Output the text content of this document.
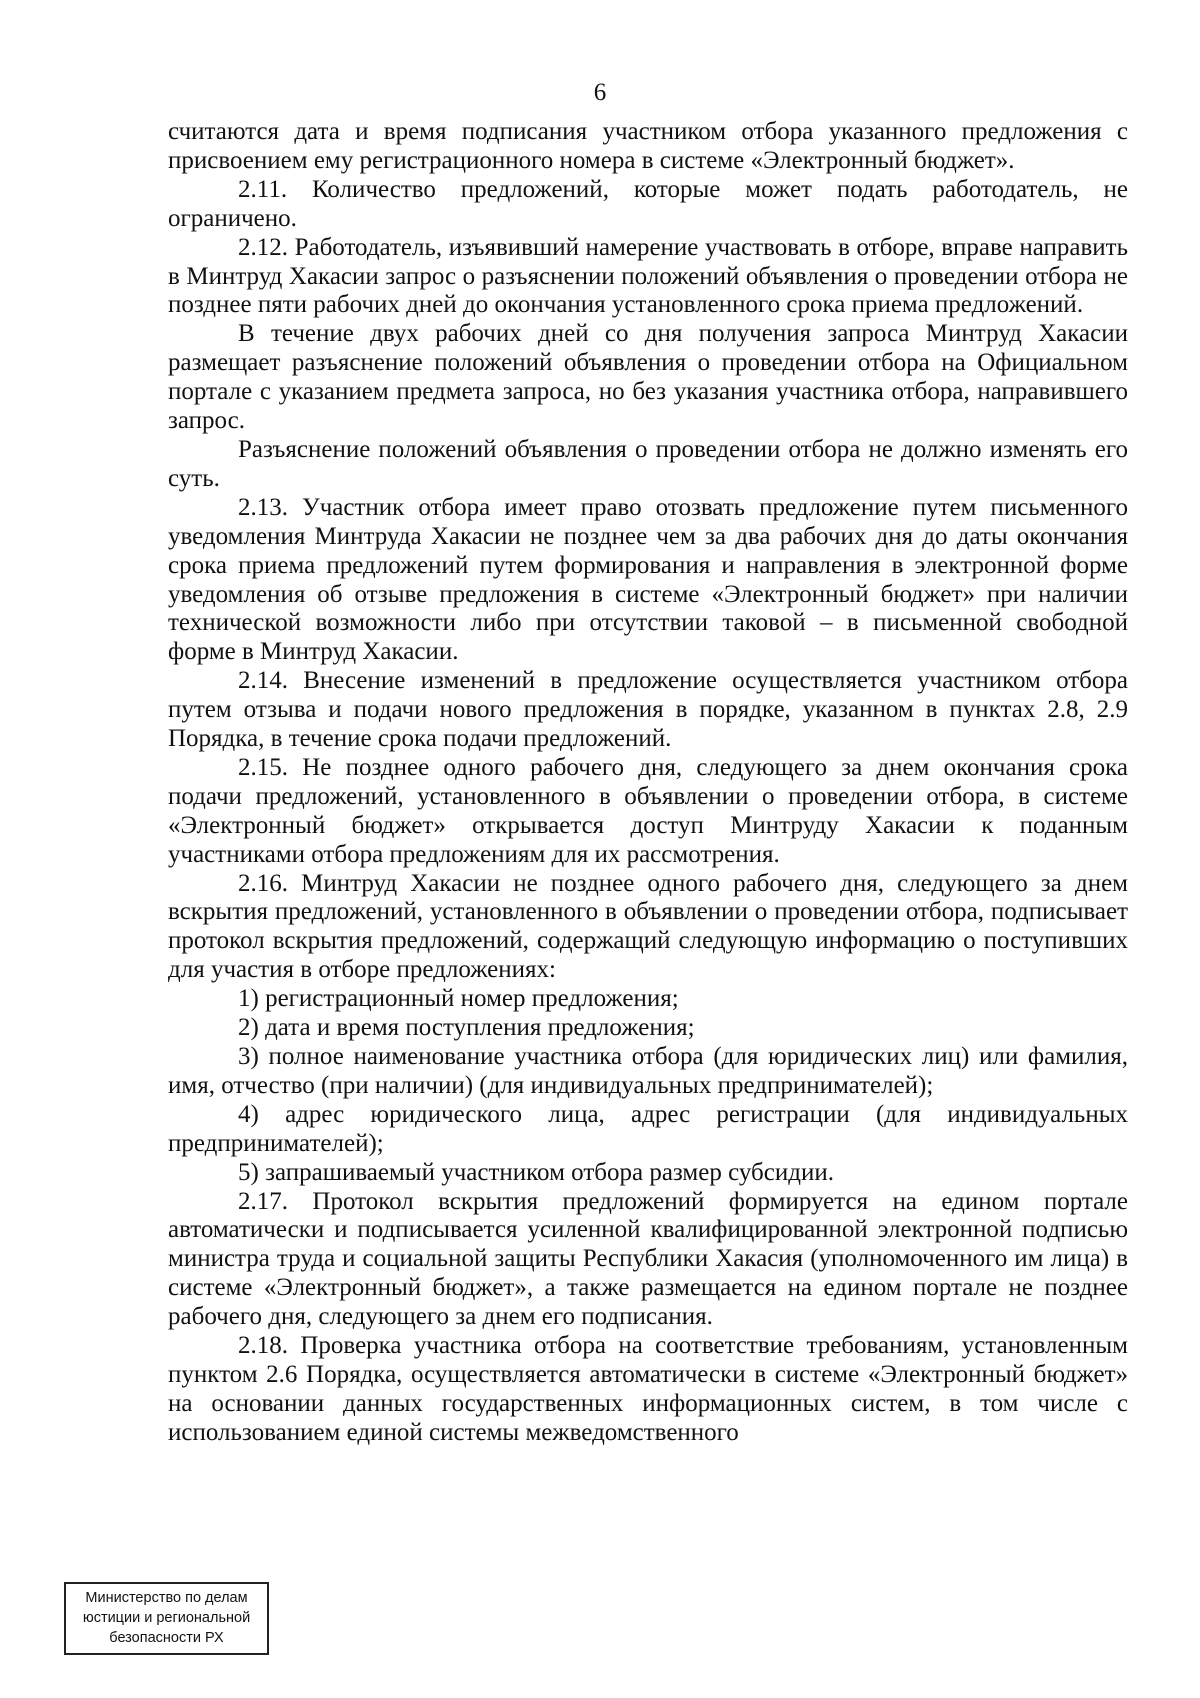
6

считаются дата и время подписания участником отбора указанного предложения с присвоением ему регистрационного номера в системе «Электронный бюджет».

2.11. Количество предложений, которые может подать работодатель, не ограничено.

2.12. Работодатель, изъявивший намерение участвовать в отборе, вправе направить в Минтруд Хакасии запрос о разъяснении положений объявления о проведении отбора не позднее пяти рабочих дней до окончания установленного срока приема предложений.

В течение двух рабочих дней со дня получения запроса Минтруд Хакасии размещает разъяснение положений объявления о проведении отбора на Официальном портале с указанием предмета запроса, но без указания участника отбора, направившего запрос.

Разъяснение положений объявления о проведении отбора не должно изменять его суть.

2.13. Участник отбора имеет право отозвать предложение путем письменного уведомления Минтруда Хакасии не позднее чем за два рабочих дня до даты окончания срока приема предложений путем формирования и направления в электронной форме уведомления об отзыве предложения в системе «Электронный бюджет» при наличии технической возможности либо при отсутствии таковой – в письменной свободной форме в Минтруд Хакасии.

2.14. Внесение изменений в предложение осуществляется участником отбора путем отзыва и подачи нового предложения в порядке, указанном в пунктах 2.8, 2.9 Порядка, в течение срока подачи предложений.

2.15. Не позднее одного рабочего дня, следующего за днем окончания срока подачи предложений, установленного в объявлении о проведении отбора, в системе «Электронный бюджет» открывается доступ Минтруду Хакасии к поданным участниками отбора предложениям для их рассмотрения.

2.16. Минтруд Хакасии не позднее одного рабочего дня, следующего за днем вскрытия предложений, установленного в объявлении о проведении отбора, подписывает протокол вскрытия предложений, содержащий следующую информацию о поступивших для участия в отборе предложениях:

1) регистрационный номер предложения;

2) дата и время поступления предложения;

3) полное наименование участника отбора (для юридических лиц) или фамилия, имя, отчество (при наличии) (для индивидуальных предпринимателей);

4) адрес юридического лица, адрес регистрации (для индивидуальных предпринимателей);

5) запрашиваемый участником отбора размер субсидии.

2.17. Протокол вскрытия предложений формируется на едином портале автоматически и подписывается усиленной квалифицированной электронной подписью министра труда и социальной защиты Республики Хакасия (уполномоченного им лица) в системе «Электронный бюджет», а также размещается на едином портале не позднее рабочего дня, следующего за днем его подписания.

2.18. Проверка участника отбора на соответствие требованиям, установленным пунктом 2.6 Порядка, осуществляется автоматически в системе «Электронный бюджет» на основании данных государственных информационных систем, в том числе с использованием единой системы межведомственного

Министерство по делам
юстиции и региональной
безопасности РХ
